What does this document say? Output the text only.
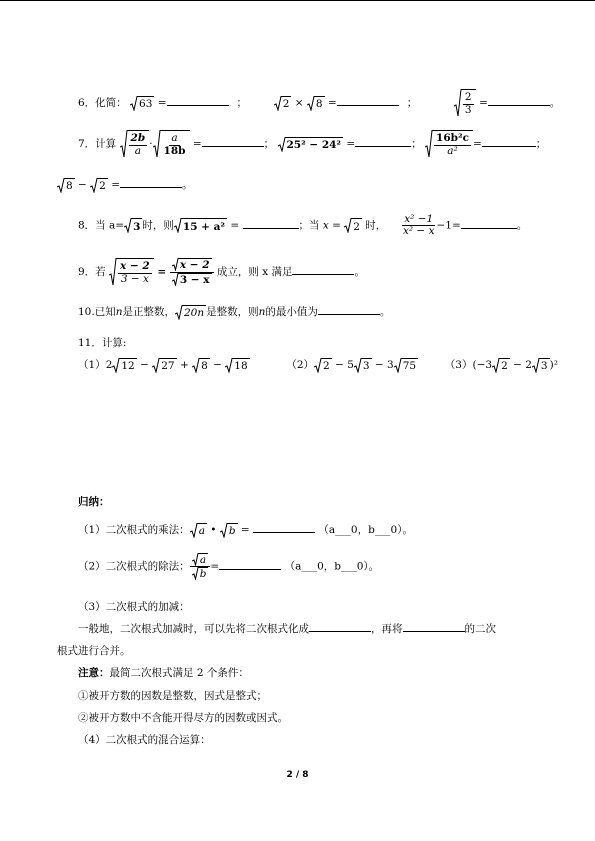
6．化简： 63 =	；	2 × 8 =	；	$\frac{2}{3}$ =	。
7．计算 $\frac{2b}{a} \cdot \frac{a}{18b}$ =	； 25² − 24² =	； $\frac{\text{16b²c}}{\text{a²}}$ =	；
8 − 2 =	。
8．当 a= 3 时，则 15 + a² =	；当 x = 2 时， $\frac{\text{x² −1}}{\text{x² − x}} -1=$	。
9．若 $\frac{x - 2}{3 - x} = \frac{x - 2}{3 - x}$ 成立，则 x 满足	。
10.已知n是正整数， 20n 是整数，则n的最小值为	。
11．计算:
（1）2 12 − 27 + 8 − 18	（2） 2 − 5 3 − 3 75	（3）(−3 2 − 2 3 )²
归纳：
（1）二次根式的乘法： a • b =	（a___0，b___0）。
（2）二次根式的除法： $\frac{a}{b}$ =	（a___0，b___0）。
（3）二次根式的加减：
一般地，二次根式加减时，可以先将二次根式化成	，再将	的二次
根式进行合并。
注意：最简二次根式满足 2 个条件：
①被开方数的因数是整数，因式是整式；
②被开方数中不含能开得尽方的因数或因式。
（4）二次根式的混合运算：
2 / 8
